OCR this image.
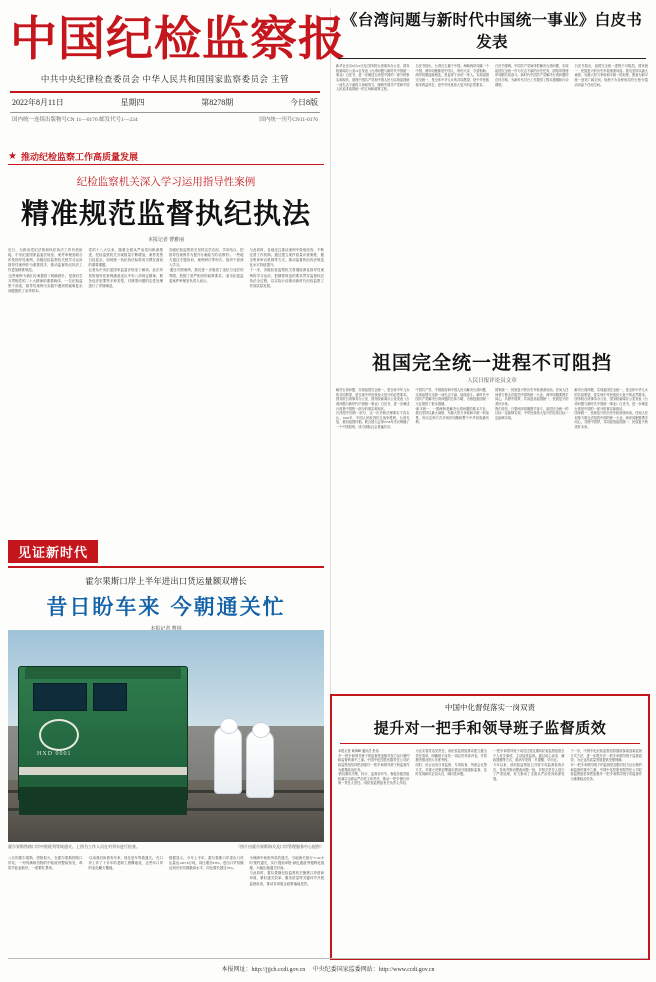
中国纪检监察报
中共中央纪律检查委员会 中华人民共和国国家监察委员会 主管
2022年8月11日	星期四	第8278期	今日8版
国内统一连续出版物号CN 11—0176 邮发代号1—224	国内统一刊号CN11-0176
《台湾问题与新时代中国统一事业》白皮书发表
新华社北京8月10日电 国务院台湾事务办公室、国务院新闻办公室10日发表《台湾问题与新时代中国统一事业》白皮书，进一步阐述台湾是中国的一部分的事实和现状，展现中国共产党和中国人民为实现祖国统一而矢志不渝的立场和努力，阐明中国共产党和中国人民追求祖国统一的立场和政策主张。
白皮书指出，台湾自古属于中国。海峡两岸同属一个中国，两岸同胞都是中国人，骨肉天亲、守望相助。两岸同胞血脉相连，是血浓于水的一家人。实现祖国完全统一，是全体中华儿女的共同愿望，是中华民族根本利益所在，是中华民族伟大复兴的必然要求。
白皮书强调，中国共产党始终把解决台湾问题、实现祖国完全统一作为矢志不渝的历史任务，团结带领两岸同胞共同奋斗。新时代中国共产党解决台湾问题的总体方略，为新时代对台工作提供了根本遵循和行动纲领。
白皮书指出，祖国完全统一进程不可阻挡。国家统一、民族复兴的历史车轮滚滚向前。我们坚持以最大诚意、尽最大努力争取和平统一的前景，愿意为和平统一创造广阔空间，但绝不为各种形式的'台独'分裂活动留下任何空间。
★ 推动纪检监察工作高质量发展
纪检监察机关深入学习运用指导性案例
精准规范监督执纪执法
本报记者 曹雅丽
近日，为推动党纪法规和执纪执法工作有机衔接，中央纪委国家监委法规室、案件审理室联合印发指导性案例，各级纪检监察机关把学习运用指导性案例作为重要抓手，推动监督执纪执法工作更加精准规范。
'这些案例'为我们办案提供了明确指引'，是我们学习贯彻党的二十大精神的重要载体。'一位纪检监察干部说，指导性案例为实践中遇到的疑难复杂问题提供了参考样本。
党的十八大以来，随着全面从严治党向纵深推进，纪检监察机关办案数量不断增加，案件类型日趋复杂，如何统一执纪执法标准成为摆在面前的重要课题。
记者从中央纪委国家监委法规室了解到，此次印发的指导性案例涵盖违反中央八项规定精神、职务违法犯罪等多种类型，对典型问题的定性处理进行了详细阐述。
各级纪检监察机关坚持边学边用、学用结合，把指导性案例作为提升办案能力的'活教材'。一些地方通过专题培训、案例研讨等形式，组织干部深入学习。
'通过对照案例，我们进一步厘清了违纪与违法的界限，把握了宽严相济的政策要求。'某市纪委监委案件审理室负责人表示。
与此同时，各地还注重从案例中汲取经验，不断完善工作机制。通过建立案件质量评查制度、健全集体审议机制等方式，推动监督执纪执法规范化水平持续提升。
下一步，各级纪检监察机关将继续深化指导性案例的学习运用，把精准规范的要求贯穿监督执纪执法全过程，以实际行动推动新时代纪检监察工作高质量发展。
见证新时代
霍尔果斯口岸上半年进出口货运量额双增长
昔日盼车来 今朝通关忙
HXD 0001
霍尔果斯铁路口岸中欧班列等候通关。上图为工作人员在对列车进行检查。	（图片由霍尔果斯海关及口岸管理服务中心提供）
八月的霍尔果斯，骄阳似火。在霍尔果斯铁路口岸站，一列列满载货物的中欧班列整装待发，鸣笛声此起彼伏，一派繁忙景象。
'以前我们盼着有车来，现在是车等着通关。'在口岸工作了十多年的老职工感慨地说，这些年口岸的变化翻天覆地。
数据显示，今年上半年，霍尔果斯口岸进出口货运量达1207.6万吨，同比增长8.8%；进出口贸易额达到历史同期最高水平，同比增长超过70%。
为保障中欧班列高效通关，当地海关推行'7×24小时'预约通关，实行'提前申报''绿色通道'等便利化措施，大幅压缩通关时间。
与此同时，霍尔果斯纪检监察机关聚焦口岸营商环境，紧盯通关效率、服务质量等关键环节开展监督检查，推动各项惠企政策落地见效。
祖国完全统一进程不可阻挡
人民日报评论员文章
解决台湾问题、实现祖国完全统一，是全体中华儿女的共同愿望，是实现中华民族伟大复兴的必然要求。国务院台湾事务办公室、国务院新闻办公室发表《台湾问题与新时代中国统一事业》白皮书，进一步阐述台湾是中国的一部分的事实和现状。
台湾是中国的一部分，这一历史和法理事实不容否认。1945年，中国人民取得抗日战争胜利，台湾光复，重回祖国怀抱。联合国大会第2758号决议明确了一个中国原则，成为国际社会普遍共识。
中国共产党、中国政府和中国人民为解决台湾问题、实现祖国完全统一而矢志不渝、接续奋斗。新时代中国共产党解决台湾问题的总体方略，为推进祖国统一大业提供了根本遵循。
'和平统一、一国两制'是解决台湾问题的基本方针。我们坚持以最大诚意、尽最大努力争取和平统一的前景，因为这种方式对两岸同胞和整个中华民族最有利。
国家统一、民族复兴的历史车轮滚滚向前。任何人任何势力都无法阻挡中国的统一大业。两岸同胞要携手同心，共圆中国梦，共同创造祖国统一、民族复兴的美好未来。
我们坚信，只要两岸同胞携手奋斗，祖国完全统一的目标一定能够实现，中华民族伟大复兴的宏伟目标一定能够实现。
解决台湾问题、实现祖国完全统一，是全体中华儿女的共同愿望，是实现中华民族伟大复兴的必然要求。国务院台湾事务办公室、国务院新闻办公室发表《台湾问题与新时代中国统一事业》白皮书，进一步阐述台湾是中国的一部分的事实和现状。
国家统一、民族复兴的历史车轮滚滚向前。任何人任何势力都无法阻挡中国的统一大业。两岸同胞要携手同心，共圆中国梦，共同创造祖国统一、民族复兴的美好未来。
中国中化督促落实一岗双责
提升对一把手和领导班子监督质效
本报记者 黄海峰 通讯员 张伟
对'一把手'和领导班子的监督是加强对权力运行制约和监督的重中之重。中国中化控股有限责任公司纪检监察组坚持把加强对'一把手'和领导班子的监督作为重要政治任务。
'我们紧盯决策、执行、监督各环节，督促各级党组织落实全面从严治党主体责任，推动'一把手'履行好第一责任人责任。'该纪检监察组有关负责人介绍。
为压实管党治党责任，该纪检监察组推动建立健全责任清单，明确班子成员'一岗双责'具体内容，并将履责情况纳入年度考核。
同时，综合运用日常监督、专项检查、列席会议等方式，对重大决策部署落实情况开展跟踪监督，及时发现和纠正苗头性、倾向性问题。
'一把手'和领导班子成员还需定期向纪检监察组报告个人有关事项，主动接受监督。通过谈心谈话、廉政提醒等方式，做到早发现、早提醒、早纠正。
今年以来，该纪检监察组已开展专项监督检查多次，发现并推动整改问题一批，对相关责任人进行了严肃处理，有力推动了全面从严治党向纵深发展。
下一步，中国中化纪检监察组将继续探索创新监督方式方法，进一步提升对'一把手'和领导班子监督质效，为企业高质量发展提供坚强保障。
对'一把手'和领导班子的监督是加强对权力运行制约和监督的重中之重。中国中化控股有限责任公司纪检监察组坚持把加强对'一把手'和领导班子的监督作为重要政治任务。
本报网址：http://jjjcb.ccdi.gov.cn 中央纪委国家监委网站：http://www.ccdi.gov.cn
